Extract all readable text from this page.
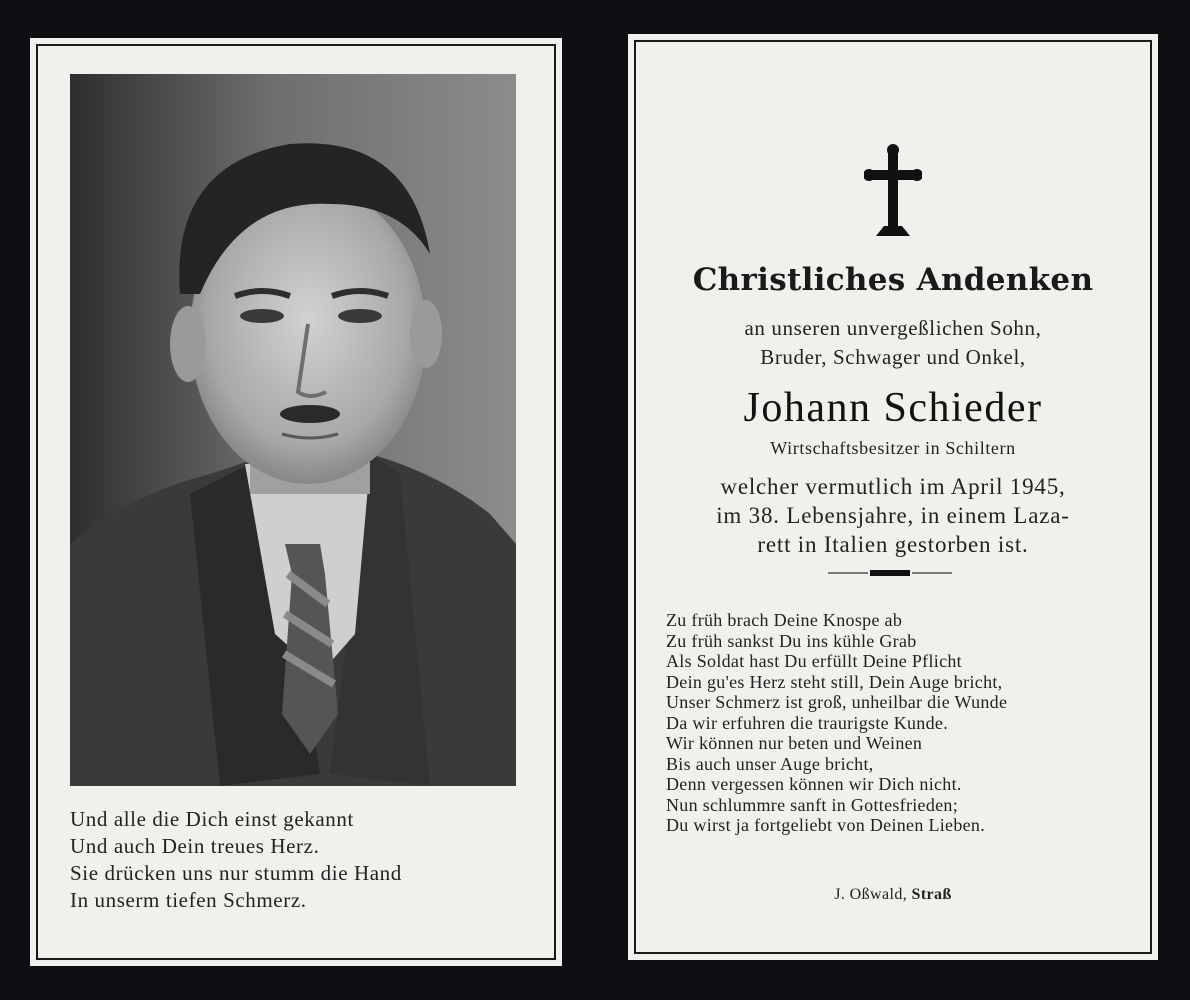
Und alle die Dich einst gekannt
Und auch Dein treues Herz.
Sie drücken uns nur stumm die Hand
In unserm tiefen Schmerz.
Christliches Andenken
an unseren unvergeßlichen Sohn,
Bruder, Schwager und Onkel,
Johann Schieder
Wirtschaftsbesitzer in Schiltern
welcher vermutlich im April 1945,
im 38. Lebensjahre, in einem Laza-
rett in Italien gestorben ist.
Zu früh brach Deine Knospe ab
Zu früh sankst Du ins kühle Grab
Als Soldat hast Du erfüllt Deine Pflicht
Dein gu'es Herz steht still, Dein Auge bricht,
Unser Schmerz ist groß, unheilbar die Wunde
Da wir erfuhren die traurigste Kunde.
Wir können nur beten und Weinen
Bis auch unser Auge bricht,
Denn vergessen können wir Dich nicht.
Nun schlummre sanft in Gottesfrieden;
Du wirst ja fortgeliebt von Deinen Lieben.
J. Oßwald, Straß
